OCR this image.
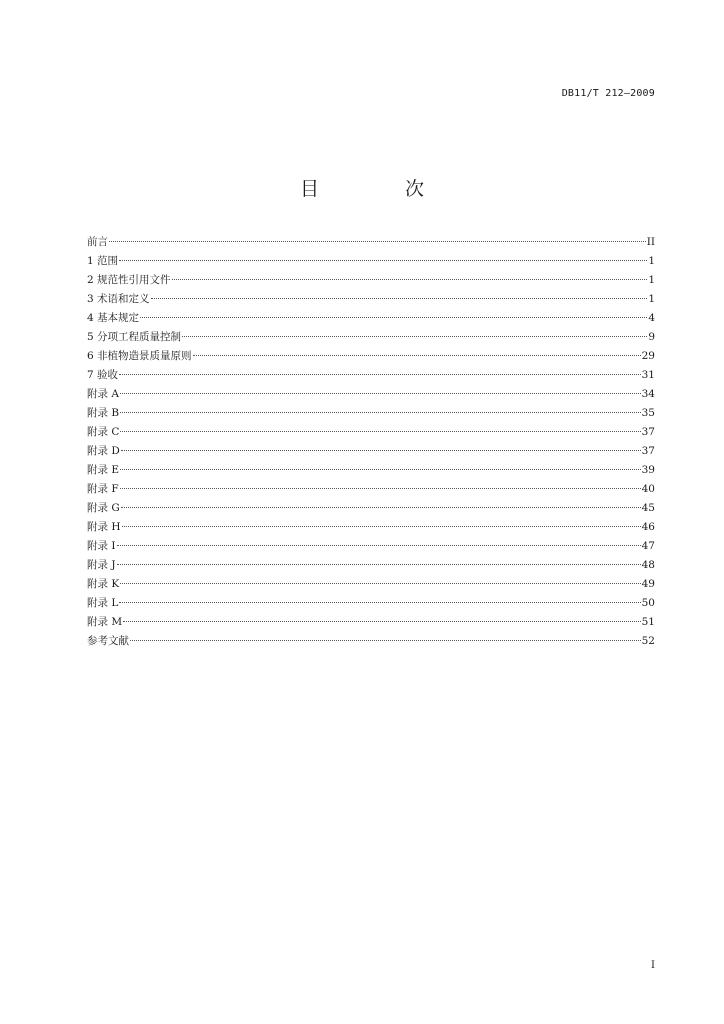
DB11/T 212—2009
目 次
前言	II
1 范围	1
2 规范性引用文件	1
3 术语和定义	1
4 基本规定	4
5 分项工程质量控制	9
6 非植物造景质量原则	29
7 验收	31
附录 A	34
附录 B	35
附录 C	37
附录 D	37
附录 E	39
附录 F	40
附录 G	45
附录 H	46
附录 I	47
附录 J	48
附录 K	49
附录 L	50
附录 M	51
参考文献	52
I
